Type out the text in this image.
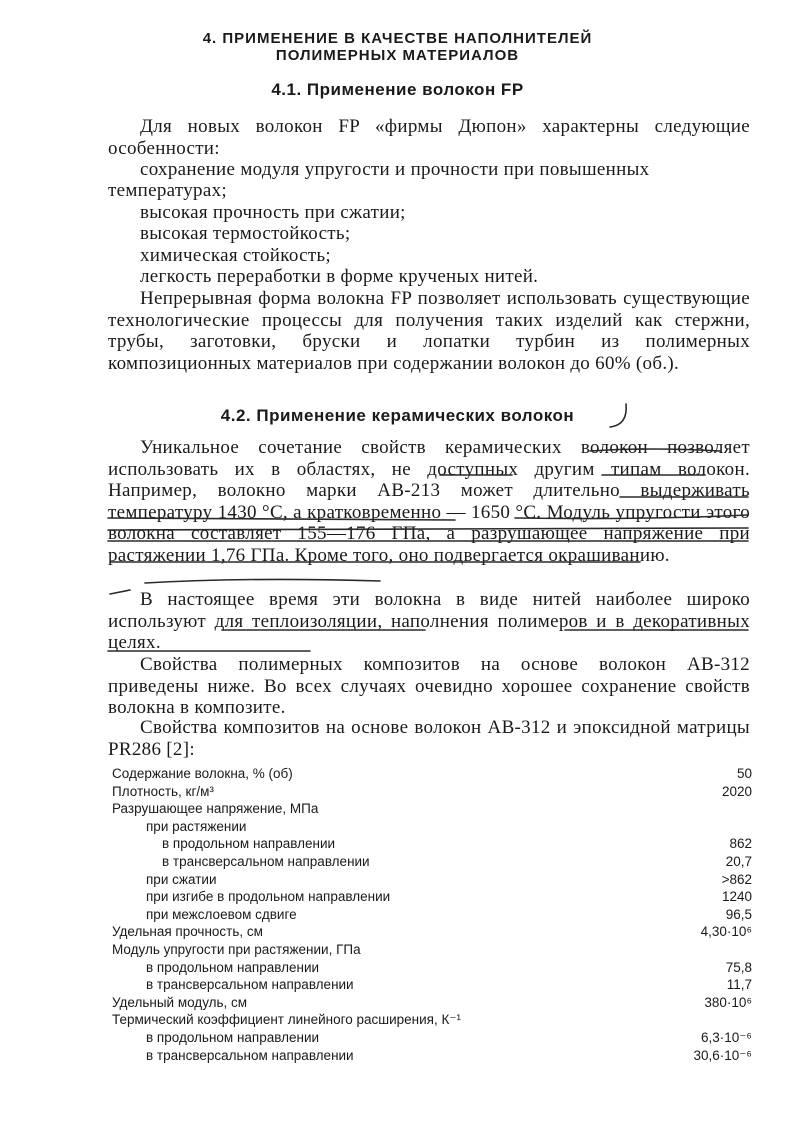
4. ПРИМЕНЕНИЕ В КАЧЕСТВЕ НАПОЛНИТЕЛЕЙ
ПОЛИМЕРНЫХ МАТЕРИАЛОВ
4.1. Применение волокон FP
Для новых волокон FP «фирмы Дюпон» характерны следующие особенности:
сохранение модуля упругости и прочности при повышенных
температурах;
высокая прочность при сжатии;
высокая термостойкость;
химическая стойкость;
легкость переработки в форме крученых нитей.
Непрерывная форма волокна FP позволяет использовать существующие технологические процессы для получения таких изделий как стержни, трубы, заготовки, бруски и лопатки турбин из полимерных композиционных материалов при содержании волокон до 60% (об.).
4.2. Применение керамических волокон
Уникальное сочетание свойств керамических волокон позволяет использовать их в областях, не доступных другим типам волокон. Например, волокно марки AB-213 может длительно выдерживать температуру 1430 °C, а кратковременно — 1650 °C. Модуль упругости этого волокна составляет 155—176 ГПа, а разрушающее напряжение при растяжении 1,76 ГПа. Кроме того, оно подвергается окрашиванию.
В настоящее время эти волокна в виде нитей наиболее широко используют для теплоизоляции, наполнения полимеров и в декоративных целях.
Свойства полимерных композитов на основе волокон AB-312 приведены ниже. Во всех случаях очевидно хорошее сохранение свойств волокна в композите.
Свойства композитов на основе волокон AB-312 и эпоксидной матрицы PR286 [2]:
Содержание волокна, % (об)	50
Плотность, кг/м³	2020
Разрушающее напряжение, МПа
при растяжении
в продольном направлении	862
в трансверсальном направлении	20,7
при сжатии	>862
при изгибе в продольном направлении	1240
при межслоевом сдвиге	96,5
Удельная прочность, см	4,30·10⁶
Модуль упругости при растяжении, ГПа
в продольном направлении	75,8
в трансверсальном направлении	11,7
Удельный модуль, см	380·10⁶
Термический коэффициент линейного расширения, К⁻¹
в продольном направлении	6,3·10⁻⁶
в трансверсальном направлении	30,6·10⁻⁶
